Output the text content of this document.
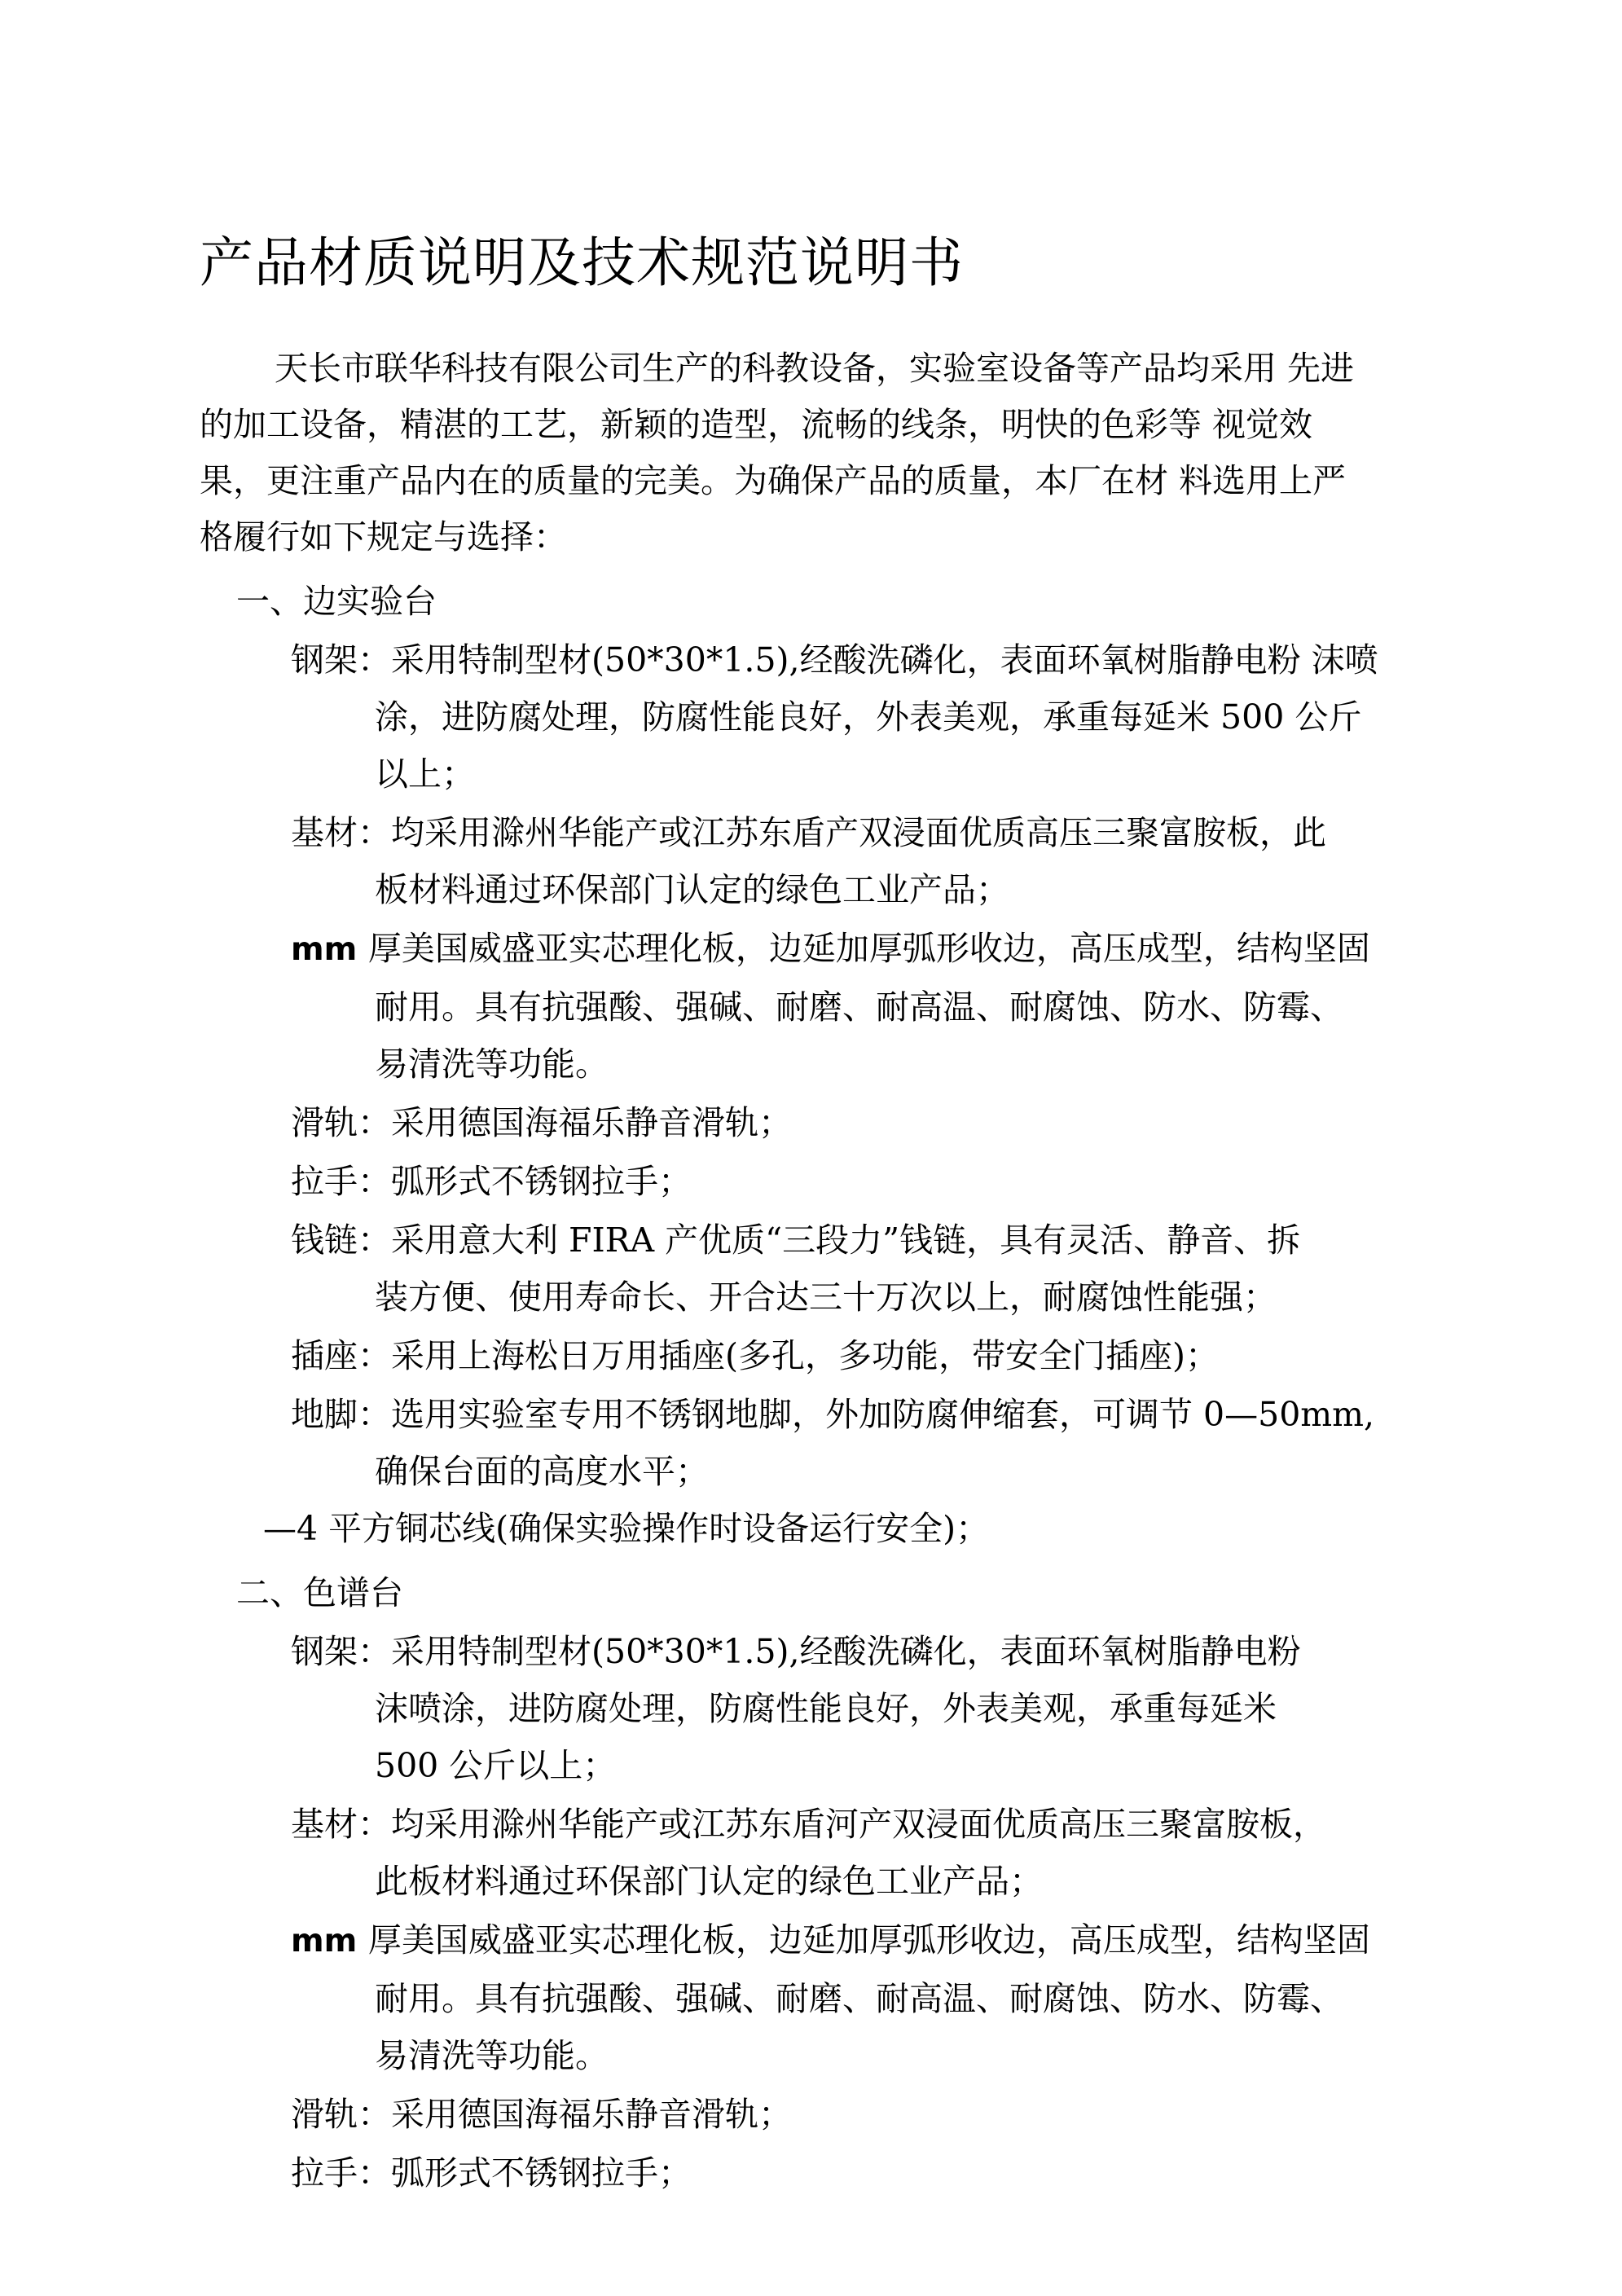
产品材质说明及技术规范说明书
天长市联华科技有限公司生产的科教设备，实验室设备等产品均采用 先进
的加工设备，精湛的工艺，新颖的造型，流畅的线条，明快的色彩等 视觉效
果，更注重产品内在的质量的完美。为确保产品的质量，本厂在材 料选用上严
格履行如下规定与选择：
一、边实验台
钢架：采用特制型材(50*30*1.5),经酸洗磷化，表面环氧树脂静电粉 沫喷
涂，进防腐处理，防腐性能良好，外表美观，承重每延米 500 公斤
以上；
基材：均采用滁州华能产或江苏东盾产双浸面优质高压三聚富胺板，此
板材料通过环保部门认定的绿色工业产品；
mm 厚美国威盛亚实芯理化板，边延加厚弧形收边，高压成型，结构坚固
耐用。具有抗强酸、强碱、耐磨、耐高温、耐腐蚀、防水、防霉、
易清洗等功能。
滑轨：采用德国海福乐静音滑轨；
拉手：弧形式不锈钢拉手；
钱链：采用意大利 FIRA 产优质“三段力”钱链，具有灵活、静音、拆
装方便、使用寿命长、开合达三十万次以上，耐腐蚀性能强；
插座：采用上海松日万用插座(多孔，多功能，带安全门插座)；
地脚：选用实验室专用不锈钢地脚，外加防腐伸缩套，可调节 0—50mm,
确保台面的高度水平；
—4 平方铜芯线(确保实验操作时设备运行安全)；
二、色谱台
钢架：采用特制型材(50*30*1.5),经酸洗磷化，表面环氧树脂静电粉
沫喷涂，进防腐处理，防腐性能良好，外表美观，承重每延米
500 公斤以上；
基材：均采用滁州华能产或江苏东盾河产双浸面优质高压三聚富胺板，
此板材料通过环保部门认定的绿色工业产品；
mm 厚美国威盛亚实芯理化板，边延加厚弧形收边，高压成型，结构坚固
耐用。具有抗强酸、强碱、耐磨、耐高温、耐腐蚀、防水、防霉、
易清洗等功能。
滑轨：采用德国海福乐静音滑轨；
拉手：弧形式不锈钢拉手；
